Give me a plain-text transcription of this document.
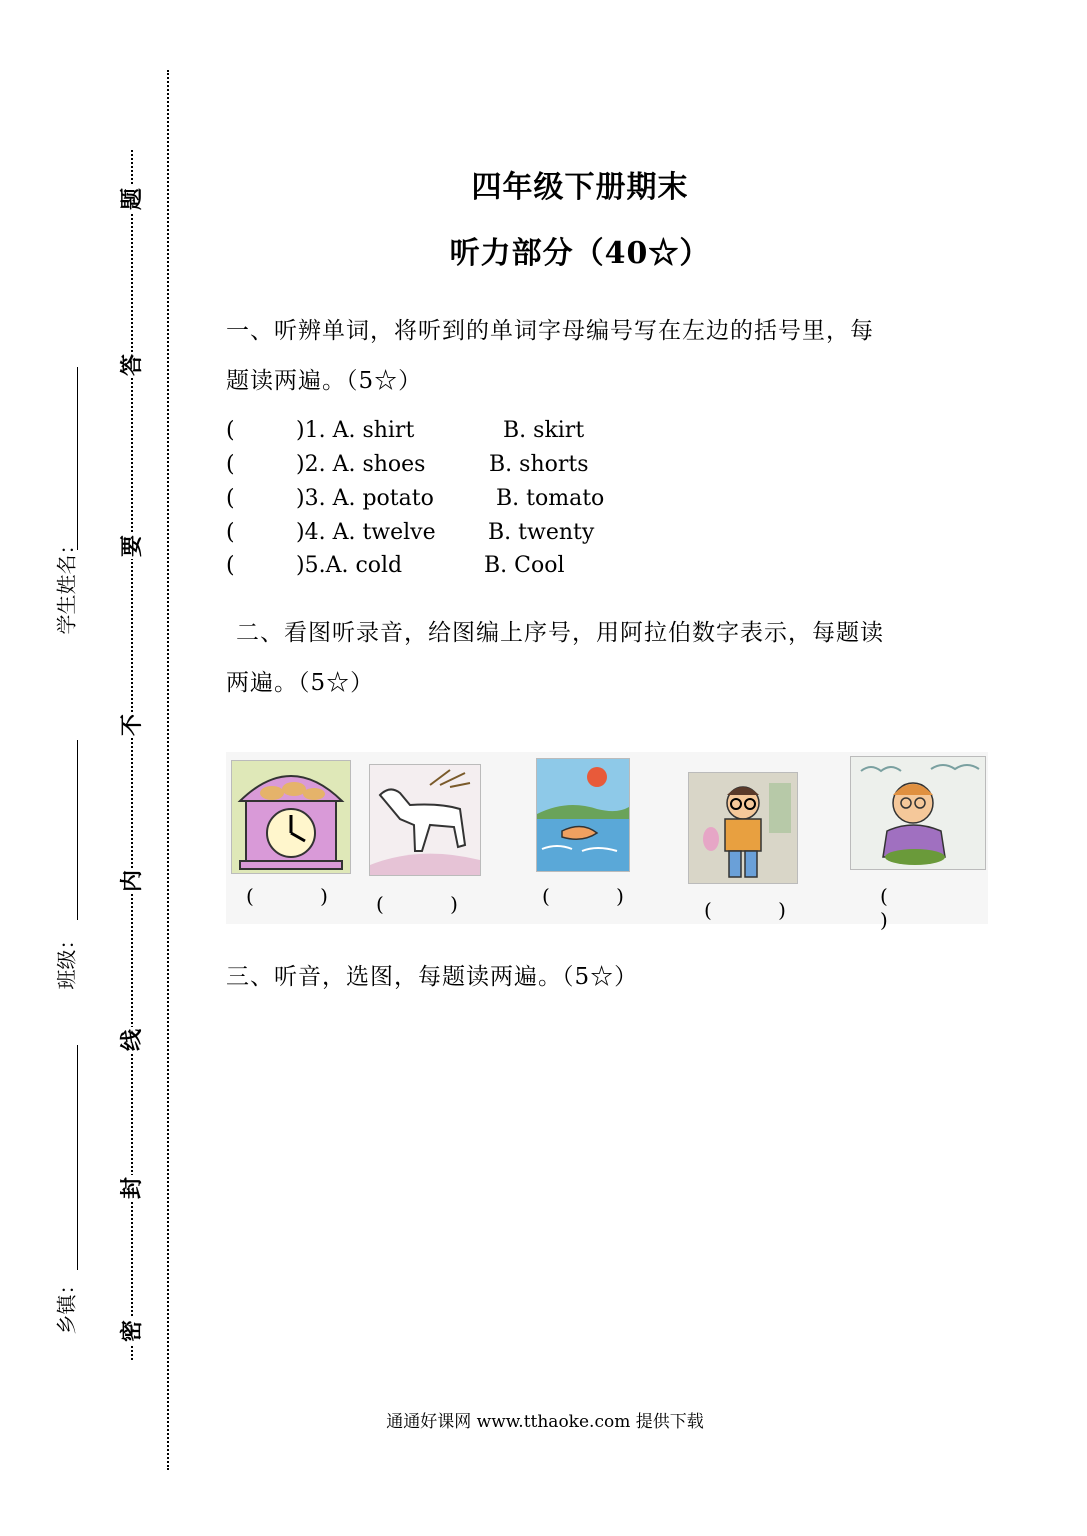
题
答
要
不
内
线
封
密
学生姓名：
班级：
乡镇：
四年级下册期末
听力部分（40☆）
一、听辨单词，将听到的单词字母编号写在左边的括号里，每
题读两遍。（5☆）
(	)1. A. shirt	B. skirt
(	)2. A. shoes	B. shorts
(	)3. A. potato	B. tomato
(	)4. A. twelve B. twenty
(	)5.A. cold	B. Cool
二、看图听录音，给图编上序号，用阿拉伯数字表示，每题读
两遍。（5☆）
( ) ( )	( )
( )
( )
三、听音，选图，每题读两遍。（5☆）
通通好课网 www.tthaoke.com 提供下载
